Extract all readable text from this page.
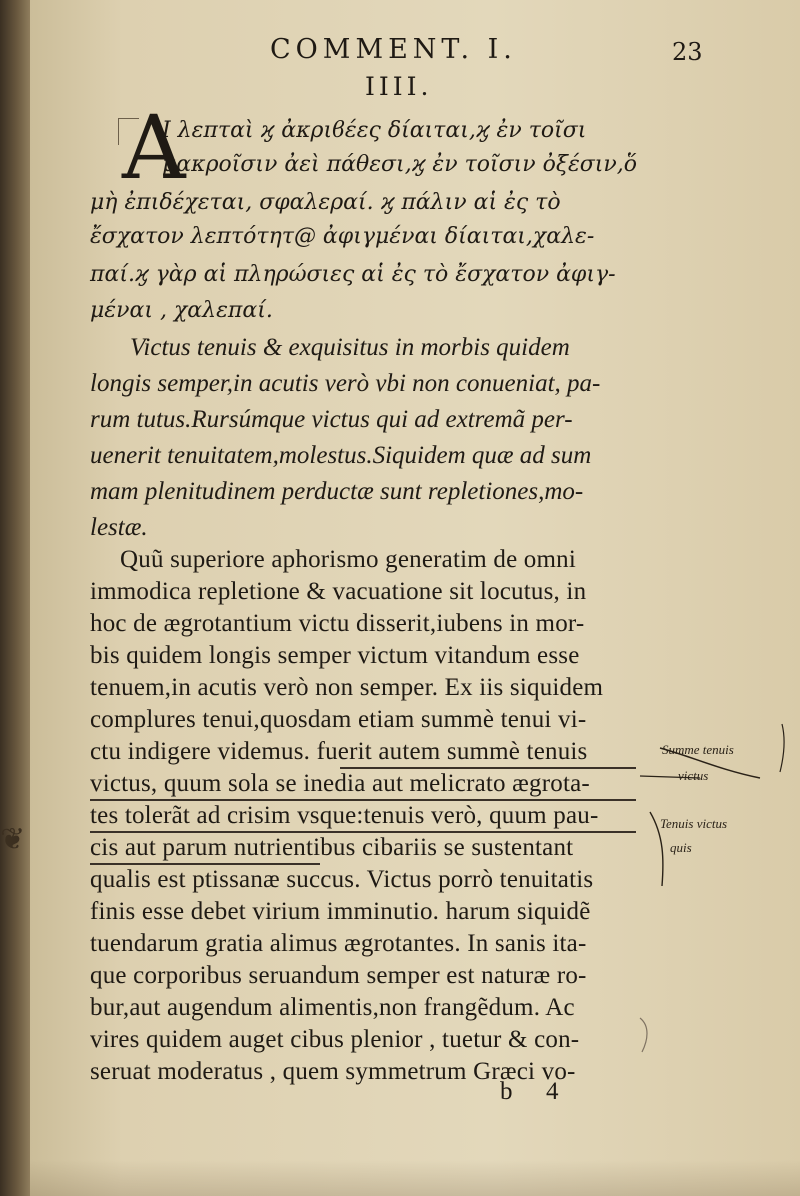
COMMENT. I.	23
IIII.
A
Ι λεπταὶ ϗ ἀκριϐέες δίαιται,ϗ ἐν τοῖσι
μακροῖσιν ἀεὶ πάθεσι,ϗ ἐν τοῖσιν ὀξέσιν,ὅ
μὴ ἐπιδέχεται, σφαλεραί. ϗ πάλιν αἱ ἐς τὸ
ἔσχατον λεπτότητ@ ἀφιγμέναι δίαιται,χαλε-
παί.ϗ γὰρ αἱ πληρώσιες αἱ ἐς τὸ ἔσχατον ἀφιγ-
μέναι , χαλεπαί.
Victus tenuis & exquisitus in morbis quidem
longis semper,in acutis verò vbi non conueniat, pa-
rum tutus.Rursúmque victus qui ad extremã per-
uenerit tenuitatem,molestus.Siquidem quæ ad sum
mam plenitudinem perductæ sunt repletiones,mo-
lestæ.
Quũ superiore aphorismo generatim de omni
immodica repletione & vacuatione sit locutus, in
hoc de ægrotantium victu disserit,iubens in mor-
bis quidem longis semper victum vitandum esse
tenuem,in acutis verò non semper. Ex iis siquidem
complures tenui,quosdam etiam summè tenui vi-
ctu indigere videmus. fuerit autem summè tenuis
victus, quum sola se inedia aut melicrato ægrota-
tes tolerãt ad crisim vsque:tenuis verò, quum pau-
cis aut parum nutrientibus cibariis se sustentant
qualis est ptissanæ succus. Victus porrò tenuitatis
finis esse debet virium imminutio. harum siquidẽ
tuendarum gratia alimus ægrotantes. In sanis ita-
que corporibus seruandum semper est naturæ ro-
bur,aut augendum alimentis,non frangẽdum. Ac
vires quidem auget cibus plenior , tuetur & con-
seruat moderatus , quem symmetrum Græci vo-
b 4
Summe tenuis
victus
Tenuis victus
quis
❦
